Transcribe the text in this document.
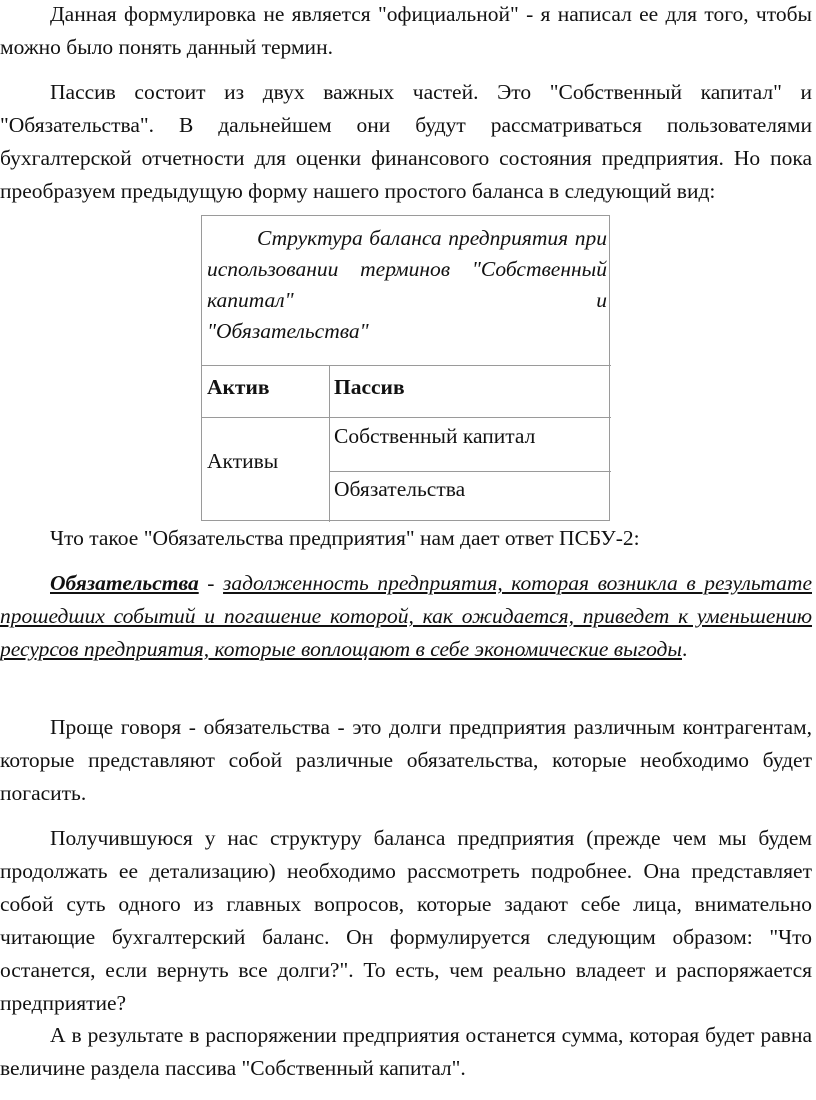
Данная формулировка не является "официальной" - я написал ее для того, чтобы можно было понять данный термин.

Пассив состоит из двух важных частей. Это "Собственный капитал" и "Обязательства". В дальнейшем они будут рассматриваться пользователями бухгалтерской отчетности для оценки финансового состояния предприятия. Но пока преобразуем предыдущую форму нашего простого баланса в следующий вид:

Структура баланса предприятия при использовании терминов "Собственный капитал" и
"Обязательства"
Актив	Пассив
Активы
Собственный капитал
Обязательства

Что такое "Обязательства предприятия" нам дает ответ ПСБУ-2:

Обязательства - задолженность предприятия, которая возникла в результате прошедших событий и погашение которой, как ожидается, приведет к уменьшению ресурсов предприятия, которые воплощают в себе экономические выгоды.

Проще говоря - обязательства - это долги предприятия различным контрагентам, которые представляют собой различные обязательства, которые необходимо будет погасить.

Получившуюся у нас структуру баланса предприятия (прежде чем мы будем продолжать ее детализацию) необходимо рассмотреть подробнее. Она представляет собой суть одного из главных вопросов, которые задают себе лица, внимательно читающие бухгалтерский баланс. Он формулируется следующим образом: "Что останется, если вернуть все долги?". То есть, чем реально владеет и распоряжается предприятие?

А в результате в распоряжении предприятия останется сумма, которая будет равна величине раздела пассива "Собственный капитал".
